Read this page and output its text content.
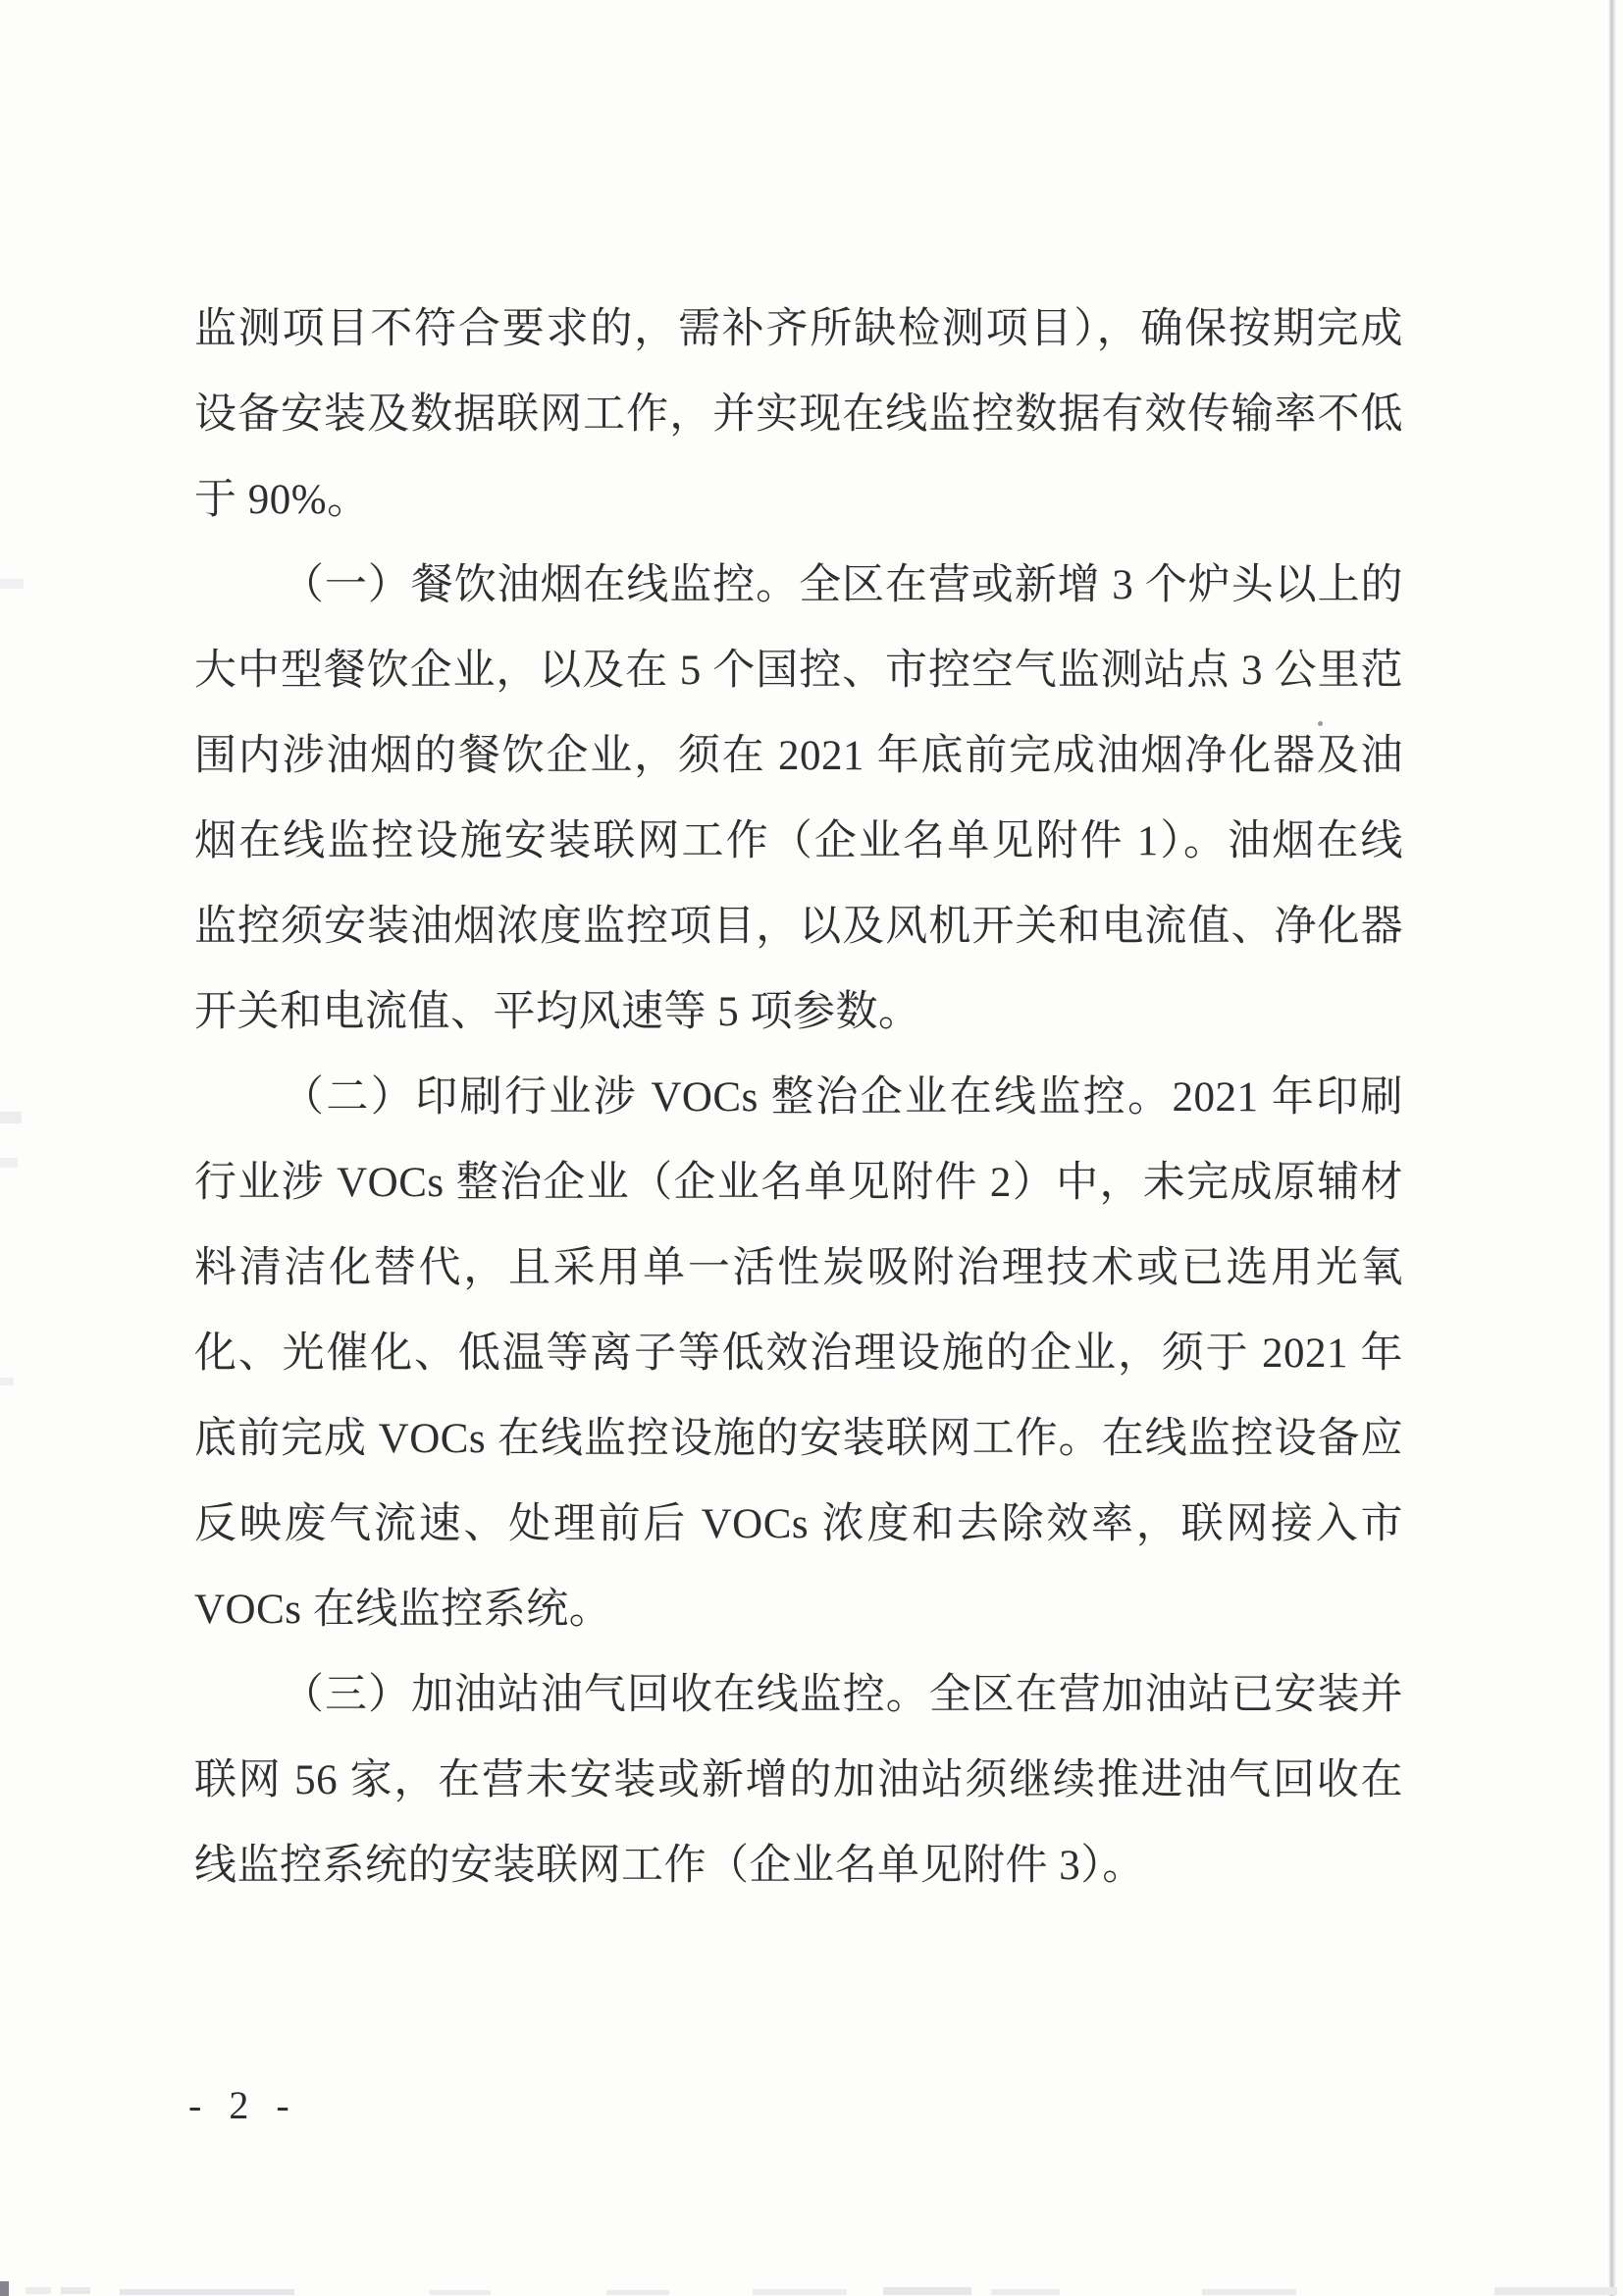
监测项目不符合要求的，需补齐所缺检测项目），确保按期完成
设备安装及数据联网工作，并实现在线监控数据有效传输率不低
于 90%。
（一）餐饮油烟在线监控。全区在营或新增 3 个炉头以上的
大中型餐饮企业，以及在 5 个国控、市控空气监测站点 3 公里范
围内涉油烟的餐饮企业，须在 2021 年底前完成油烟净化器及油
烟在线监控设施安装联网工作（企业名单见附件 1）。油烟在线
监控须安装油烟浓度监控项目，以及风机开关和电流值、净化器
开关和电流值、平均风速等 5 项参数。
（二）印刷行业涉 VOCs 整治企业在线监控。2021 年印刷
行业涉 VOCs 整治企业（企业名单见附件 2）中，未完成原辅材
料清洁化替代，且采用单一活性炭吸附治理技术或已选用光氧
化、光催化、低温等离子等低效治理设施的企业，须于 2021 年
底前完成 VOCs 在线监控设施的安装联网工作。在线监控设备应
反映废气流速、处理前后 VOCs 浓度和去除效率，联网接入市
VOCs 在线监控系统。
（三）加油站油气回收在线监控。全区在营加油站已安装并
联网 56 家，在营未安装或新增的加油站须继续推进油气回收在
线监控系统的安装联网工作（企业名单见附件 3）。
- 2 -
